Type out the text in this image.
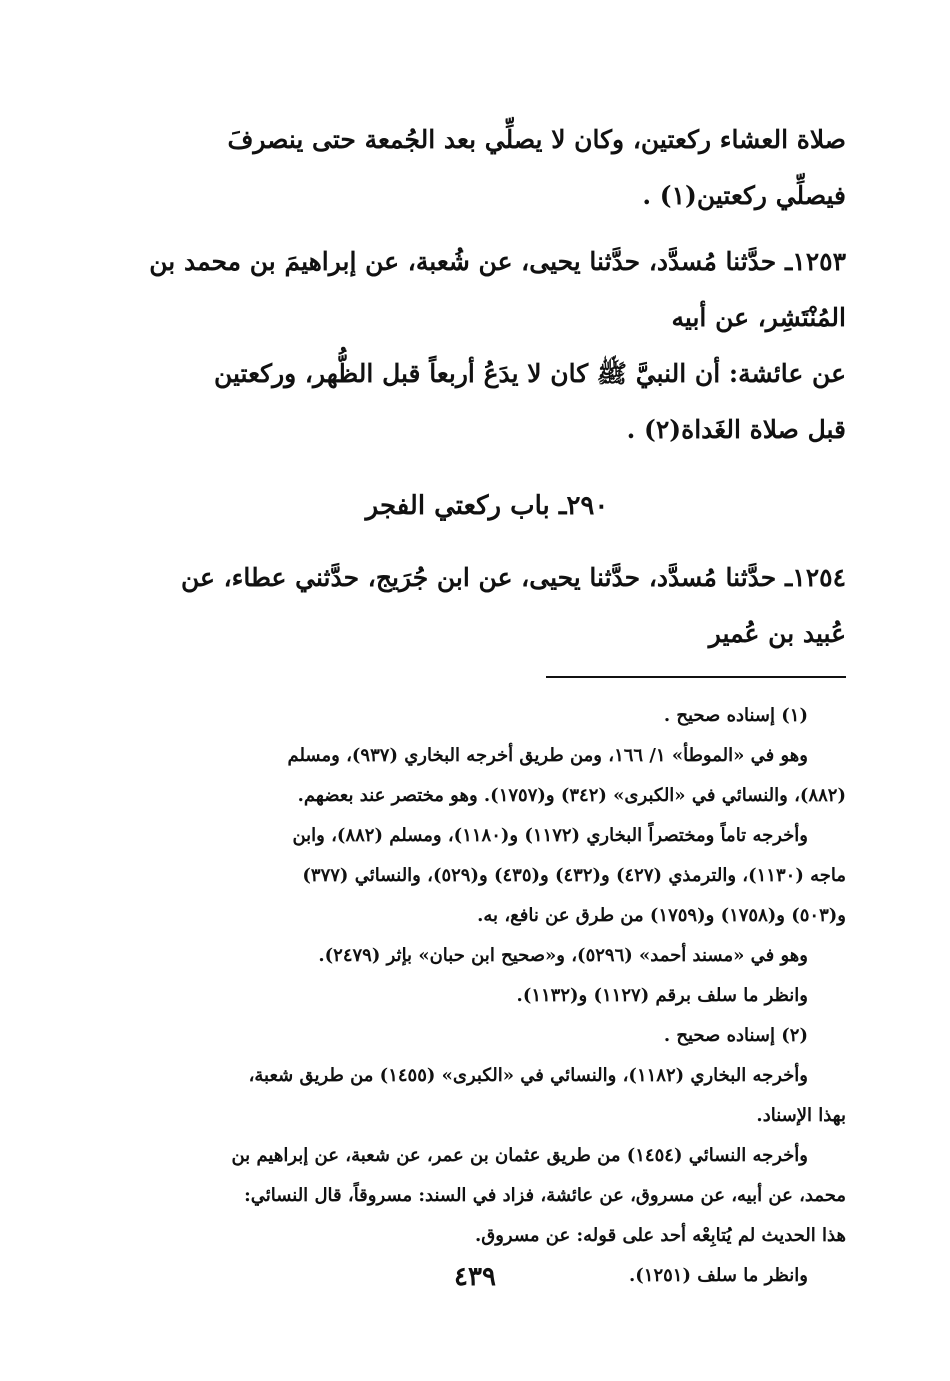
صلاة العشاء ركعتين، وكان لا يصلِّي بعد الجُمعة حتى ينصرفَ
فيصلِّي ركعتين(١) .

١٢٥٣ـ حدَّثنا مُسدَّد، حدَّثنا يحيى، عن شُعبة، عن إبراهيمَ بن محمد بن
المُنْتَشِر، عن أبيه

عن عائشة: أن النبيَّ ﷺ كان لا يدَعُ أربعاً قبل الظُّهر، وركعتين
قبل صلاة الغَداة(٢) .

٢٩٠ـ باب ركعتي الفجر

١٢٥٤ـ حدَّثنا مُسدَّد، حدَّثنا يحيى، عن ابن جُرَيج، حدَّثني عطاء، عن
عُبيد بن عُمير

(١) إسناده صحيح .
وهو في «الموطأ» ١/ ١٦٦، ومن طريق أخرجه البخاري (٩٣٧)، ومسلم
(٨٨٢)، والنسائي في «الكبرى» (٣٤٢) و(١٧٥٧). وهو مختصر عند بعضهم.
وأخرجه تاماً ومختصراً البخاري (١١٧٢) و(١١٨٠)، ومسلم (٨٨٢)، وابن
ماجه (١١٣٠)، والترمذي (٤٢٧) و(٤٣٢) و(٤٣٥) و(٥٢٩)، والنسائي (٣٧٧)
و(٥٠٣) و(١٧٥٨) و(١٧٥٩) من طرق عن نافع، به.
وهو في «مسند أحمد» (٥٢٩٦)، و«صحيح ابن حبان» بإثر (٢٤٧٩).
وانظر ما سلف برقم (١١٢٧) و(١١٣٢).
(٢) إسناده صحيح .
وأخرجه البخاري (١١٨٢)، والنسائي في «الكبرى» (١٤٥٥) من طريق شعبة،
بهذا الإسناد.
وأخرجه النسائي (١٤٥٤) من طريق عثمان بن عمر، عن شعبة، عن إبراهيم بن
محمد، عن أبيه، عن مسروق، عن عائشة، فزاد في السند: مسروقاً، قال النسائي:
هذا الحديث لم يُتابِعْه أحد على قوله: عن مسروق.
وانظر ما سلف (١٢٥١).
٤٣٩
